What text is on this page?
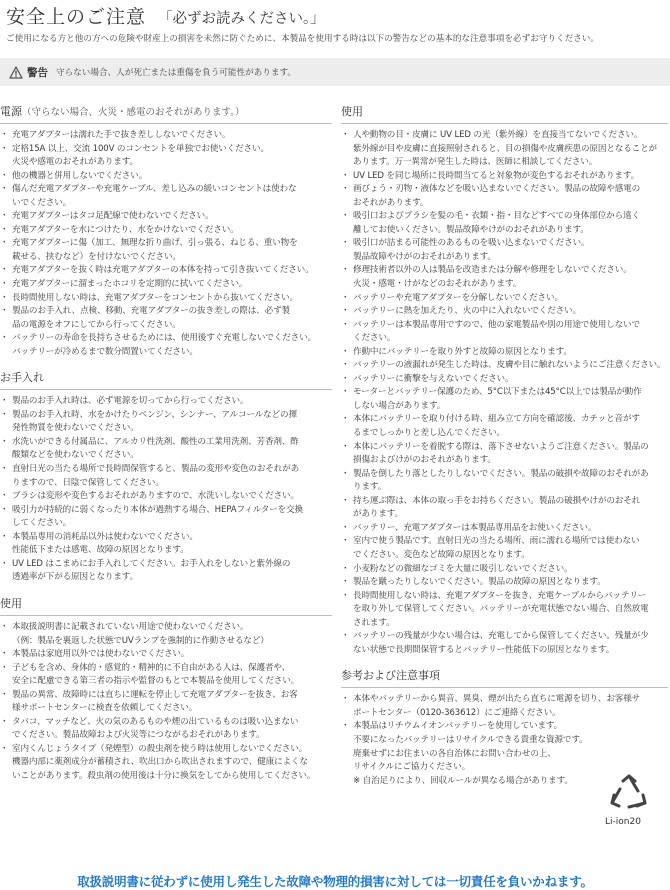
安全上のご注意 「必ずお読みください。」
ご使用になる方と他の方への危険や財産上の損害を未然に防ぐために、本製品を使用する時は以下の警告などの基本的な注意事項を必ずお守りください。
警告 守らない場合、人が死亡または重傷を負う可能性があります。
電源（守らない場合、火災・感電のおそれがあります。）
・ 充電アダプターは濡れた手で抜き差ししないでください。
・ 定格15A 以上、交流 100V のコンセントを単独でお使いください。
火災や感電のおそれがあります。
・ 他の機器と併用しないでください。
・ 傷んだ充電アダプターや充電ケーブル、差し込みの緩いコンセントは使わな
いでください。
・ 充電アダプターはタコ足配線で使わないでください。
・ 充電アダプターを水につけたり、水をかけないでください。
・ 充電アダプターに傷（加工、無理な折り曲げ、引っ張る、ねじる、重い物を
載せる、挟むなど）を付けないでください。
・ 充電アダプターを抜く時は充電アダプターの本体を持って引き抜いてください。
・ 充電アダプターに溜まったホコリを定期的に拭いてください。
・ 長時間使用しない時は、充電アダプターをコンセントから抜いてください。
・ 製品のお手入れ、点検、移動、充電アダプターの抜き差しの際は、必ず製
品の電源をオフにしてから行ってください。
・ バッテリーの寿命を長持ちさせるためには、使用後すぐ充電しないでください。
バッテリーが冷めるまで数分間置いてください。
お手入れ
・ 製品のお手入れ時は、必ず電源を切ってから行ってください。
・ 製品のお手入れ時、水をかけたりベンジン、シンナー、アルコールなどの揮
発性物質を使わないでください。
・ 水洗いができる付属品に、アルカリ性洗剤、酸性の工業用洗剤、芳香剤、酢
酸類などを使わないでください。
・ 直射日光の当たる場所で長時間保管すると、製品の変形や変色のおそれがあ
りますので、日陰で保管してください。
・ ブラシは変形や変色するおそれがありますので、水洗いしないでください。
・ 吸引力が持続的に弱くなったり本体が過熱する場合、HEPAフィルターを交換
してください。
・ 本製品専用の消耗品以外は使わないでください。
性能低下または感電、故障の原因となります。
・ UV LED はこまめにお手入れしてください。お手入れをしないと紫外線の
透過率が下がる原因となります。
使用
・ 本取扱説明書に記載されていない用途で使わないでください。
（例：製品を裏返した状態でUVランプを強制的に作動させるなど）
・ 本製品は家庭用以外では使わないでください。
・ 子どもを含め、身体的・感覚的・精神的に不自由がある人は、保護者や、
安全に配慮できる第三者の指示や監督のもとで本製品を使用してください。
・ 製品の異常、故障時には直ちに運転を停止して充電アダプターを抜き、お客
様サポートセンターに検査を依頼してください。
・ タバコ、マッチなど、火の気のあるものや煙の出ているものは吸い込まない
でください。製品故障および火災等につながるおそれがあります。
・ 室内くんじょうタイプ（発煙型）の殺虫剤を使う時は使用しないでください。
機器内部に薬剤成分が蓄積され、吹出口から吹出されますので、健康によくな
いことがあります。殺虫剤の使用後は十分に換気をしてから使用してください。
使用
・ 人や動物の目・皮膚に UV LED の光（紫外線）を直接当てないでください。
紫外線が目や皮膚に直接照射されると、目の損傷や皮膚疾患の原因となることが
あります。万一異常が発生した時は、医師に相談してください。
・ UV LED を同じ場所に長時間当てると対象物が変色するおそれがあります。
・ 画びょう・刃物・液体などを吸い込まないでください。製品の故障や感電の
おそれがあります。
・ 吸引口およびブラシを髪の毛・衣類・指・目などすべての身体部位から遠く
離してお使いください。製品故障やけがのおそれがあります。
・ 吸引口が詰まる可能性のあるものを吸い込まないでください。
製品故障やけがのおそれがあります。
・ 修理技術者以外の人は製品を改造または分解や修理をしないでください。
火災・感電・けがなどのおそれがあります。
・ バッテリーや充電アダプターを分解しないでください。
・ バッテリーに熱を加えたり、火の中に入れないでください。
・ バッテリーは本製品専用ですので、他の家電製品や別の用途で使用しないで
ください。
・ 作動中にバッテリーを取り外すと故障の原因となります。
・ バッテリーの液漏れが発生した時は、皮膚や目に触れないようにご注意ください。
・ バッテリーに衝撃を与えないでください。
・ モーターとバッテリー保護のため、5°C以下または45°C以上では製品が動作
しない場合があります。
・ 本体にバッテリーを取り付ける時、組み立て方向を確認後、カチッと音がす
るまでしっかりと差し込んでください。
・ 本体にバッテリーを着脱する際は、落下させないようご注意ください。製品の
損傷およびけがのおそれがあります。
・ 製品を倒したり落としたりしないでください。製品の破損や故障のおそれがあ
ります。
・ 持ち運ぶ際は、本体の取っ手をお持ちください。製品の破損やけがのおそれ
があります。
・ バッテリー、充電アダプターは本製品専用品をお使いください。
・ 室内で使う製品です。直射日光の当たる場所、雨に濡れる場所では使わない
でください。変色など故障の原因となります。
・ 小麦粉などの微細なゴミを大量に吸引しないでください。
・ 製品を蹴ったりしないでください。製品の故障の原因となります。
・ 長時間使用しない時は、充電アダプターを抜き、充電ケーブルからバッテリー
を取り外して保管してください。バッテリーが充電状態でない場合、自然放電
されます。
・ バッテリーの残量が少ない場合は、充電してから保管してください。残量が少
ない状態で長期間保管するとバッテリー性能低下の原因となります。
参考および注意事項
・ 本体やバッテリーから異音、異臭、煙が出たら直ちに電源を切り、お客様サ
ポートセンター（0120-363612）にご連絡ください。
・ 本製品はリチウムイオンバッテリーを使用しています。
不要になったバッテリーはリサイクルできる貴重な資源です。
廃棄せずにお住まいの各自治体にお問い合わせの上、
リサイクルにご協力ください。
※ 自治足りにより、回収ルールが異なる場合があります。
Li-ion20
取扱説明書に従わずに使用し発生した故障や物理的損害に対しては一切責任を負いかねます。
